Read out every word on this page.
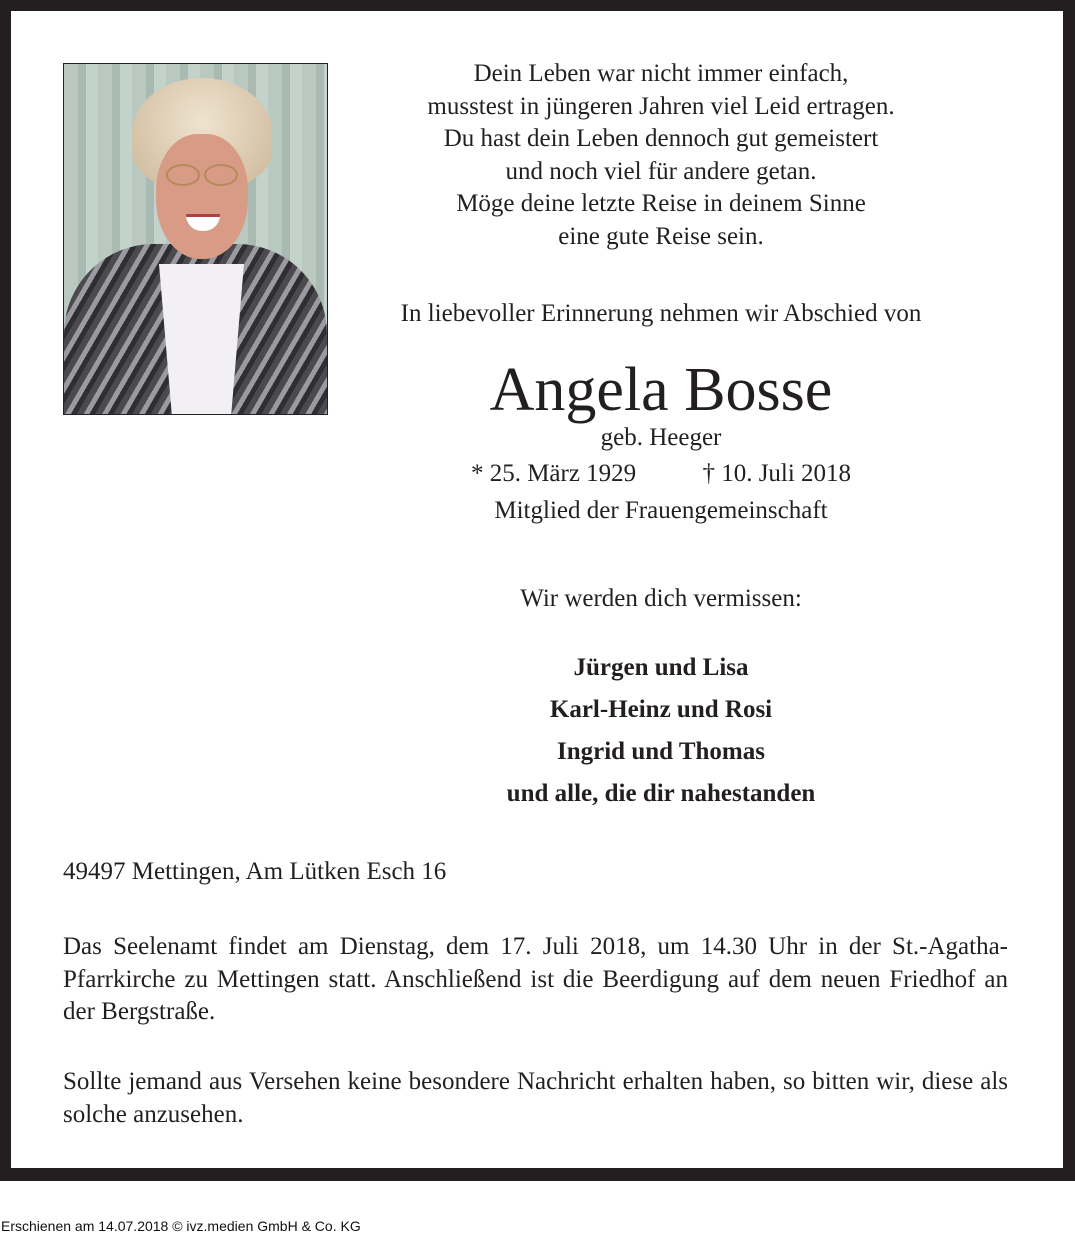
Dein Leben war nicht immer einfach,
musstest in jüngeren Jahren viel Leid ertragen.
Du hast dein Leben dennoch gut gemeistert
und noch viel für andere getan.
Möge deine letzte Reise in deinem Sinne
eine gute Reise sein.
In liebevoller Erinnerung nehmen wir Abschied von
Angela Bosse
geb. Heeger
* 25. März 1929	† 10. Juli 2018
Mitglied der Frauengemeinschaft
Wir werden dich vermissen:
Jürgen und Lisa
Karl-Heinz und Rosi
Ingrid und Thomas
und alle, die dir nahestanden
49497 Mettingen, Am Lütken Esch 16
Das Seelenamt findet am Dienstag, dem 17. Juli 2018, um 14.30 Uhr in der St.-Agatha-Pfarrkirche zu Mettingen statt. Anschließend ist die Beerdigung auf dem neuen Friedhof an der Bergstraße.
Sollte jemand aus Versehen keine besondere Nachricht erhalten haben, so bitten wir, diese als solche anzusehen.
Erschienen am 14.07.2018 © ivz.medien GmbH & Co. KG
